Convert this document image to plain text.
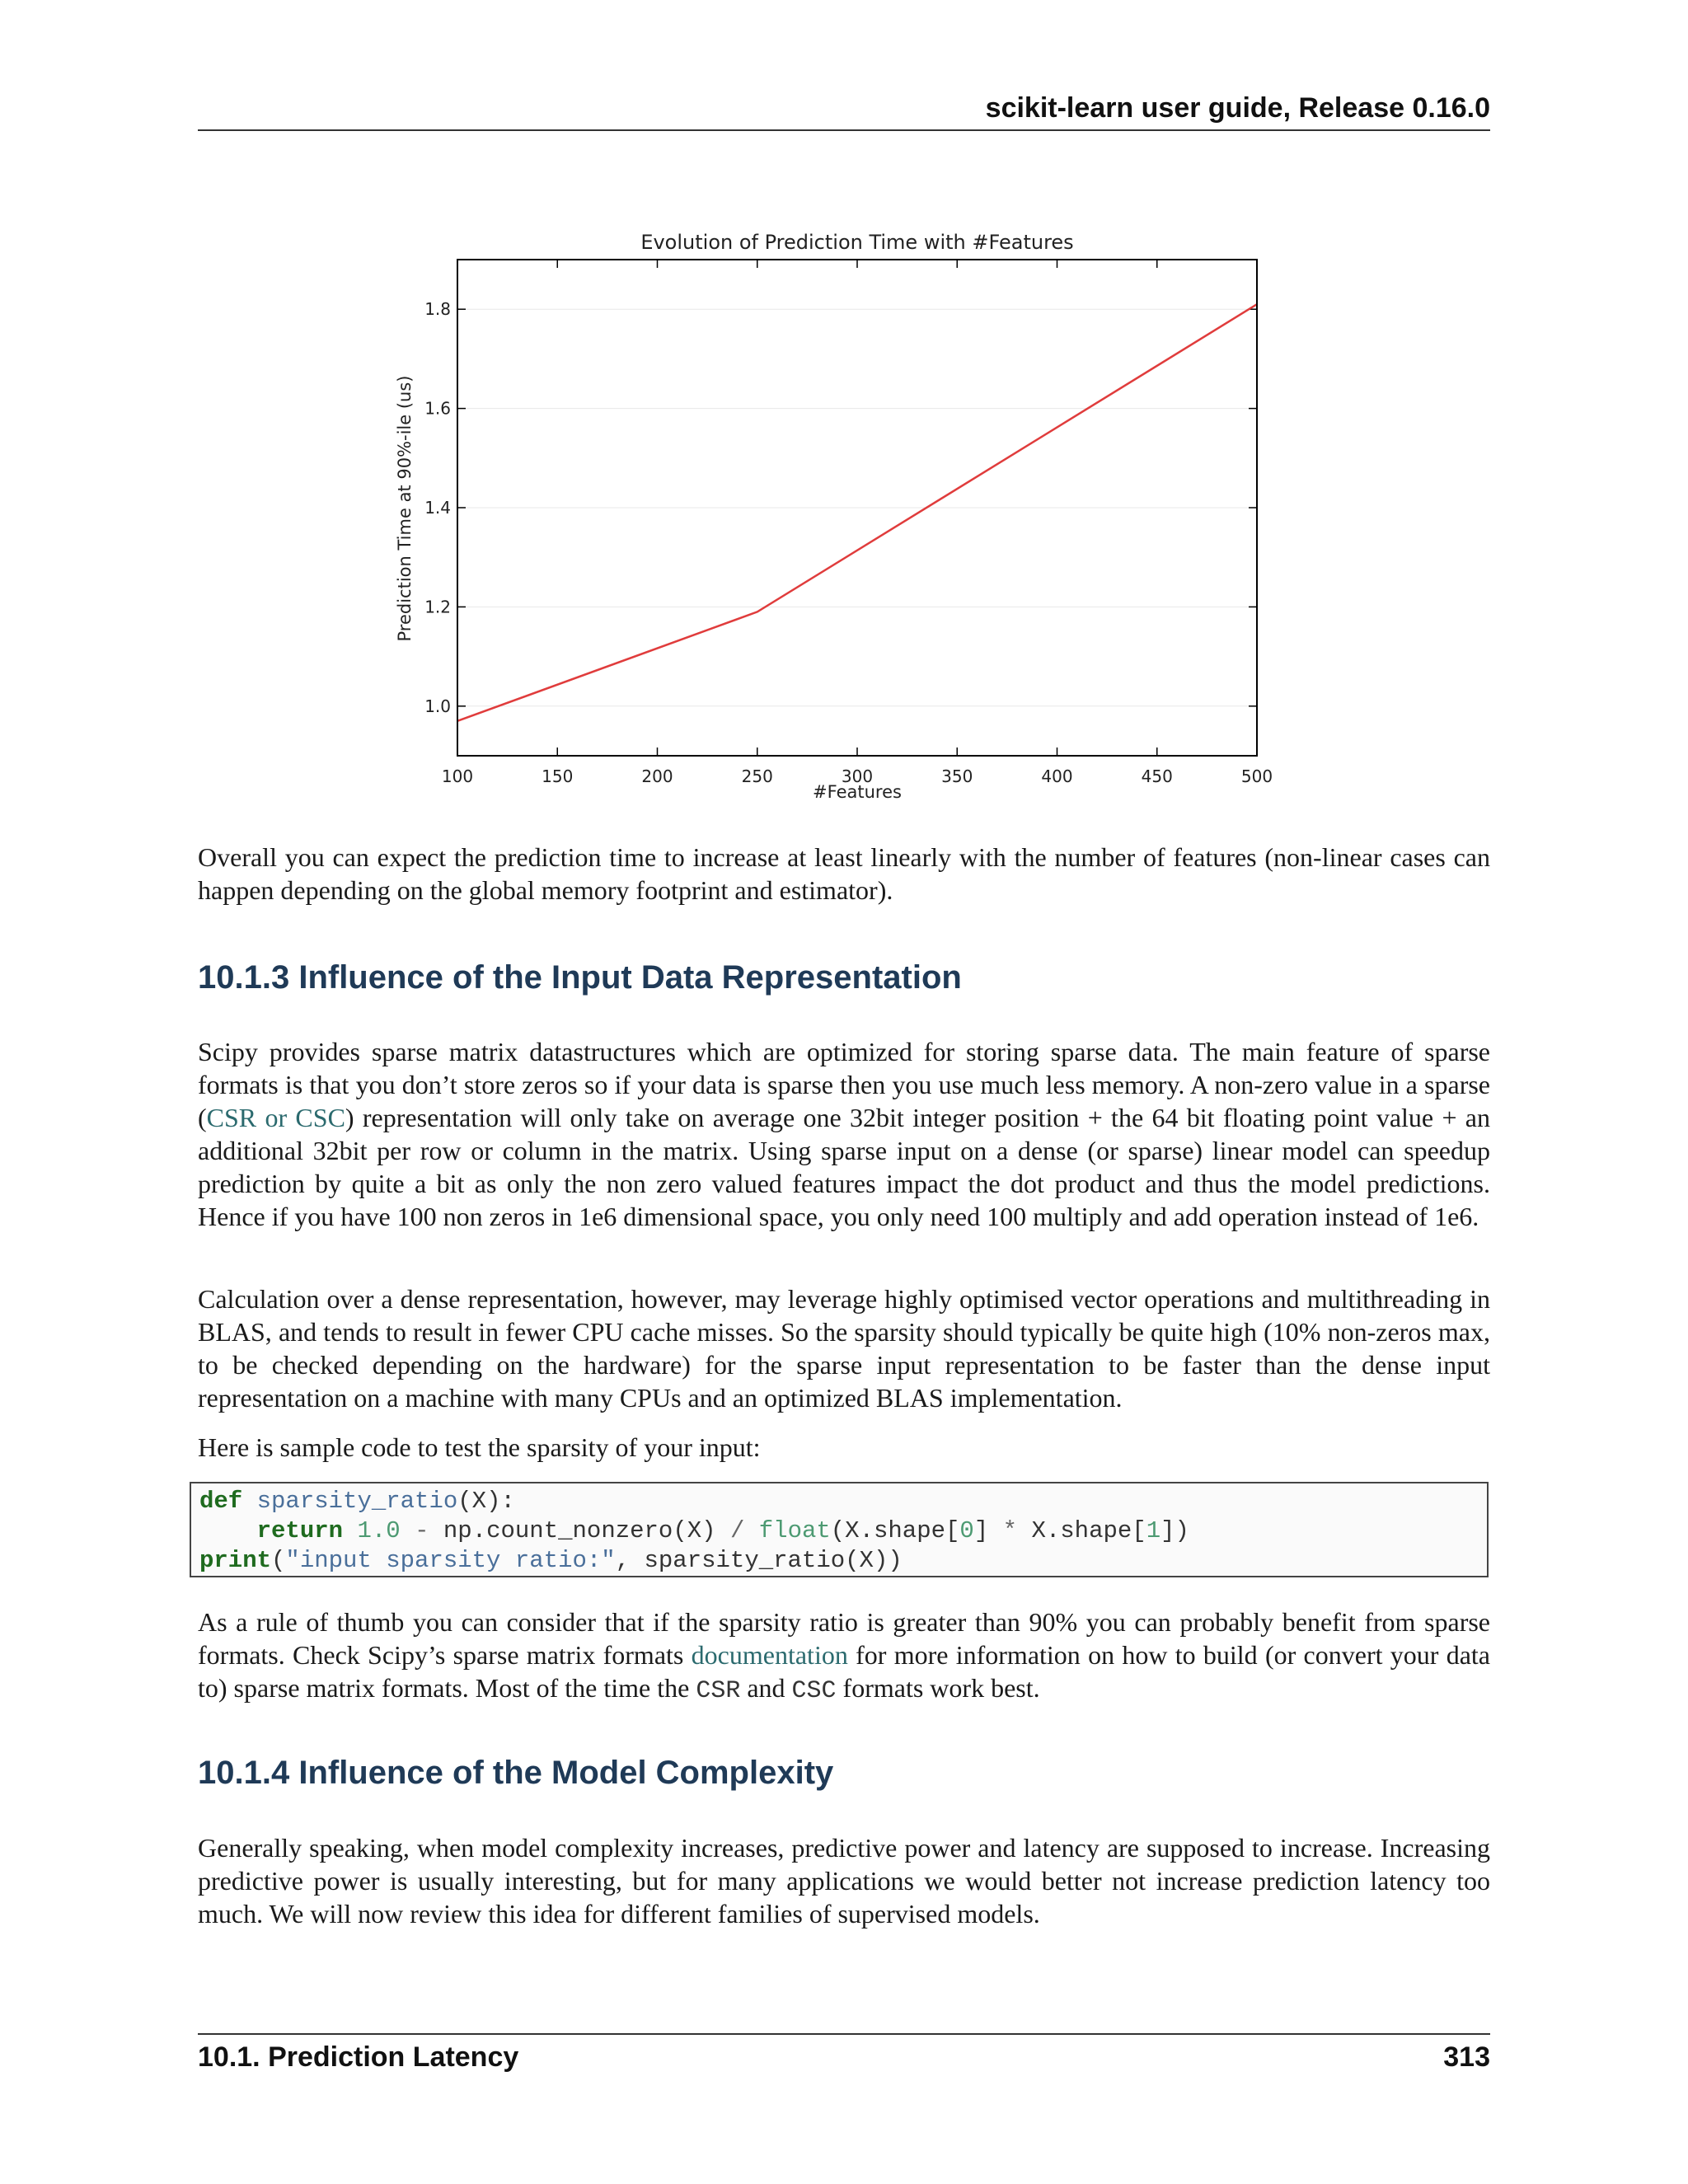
scikit-learn user guide, Release 0.16.0
Evolution of Prediction Time with #Features
Prediction Time at 90%-ile (us)
#Features
1.0
1.2
1.4
1.6
1.8
100	150	200	250	300	350	400	450	500

Overall you can expect the prediction time to increase at least linearly with the number of features (non-linear cases can happen depending on the global memory footprint and estimator).

10.1.3 Influence of the Input Data Representation

Scipy provides sparse matrix datastructures which are optimized for storing sparse data. The main feature of sparse formats is that you don’t store zeros so if your data is sparse then you use much less memory. A non-zero value in a sparse (CSR or CSC) representation will only take on average one 32bit integer position + the 64 bit floating point value + an additional 32bit per row or column in the matrix. Using sparse input on a dense (or sparse) linear model can speedup prediction by quite a bit as only the non zero valued features impact the dot product and thus the model predictions. Hence if you have 100 non zeros in 1e6 dimensional space, you only need 100 multiply and add operation instead of 1e6.

Calculation over a dense representation, however, may leverage highly optimised vector operations and multithreading in BLAS, and tends to result in fewer CPU cache misses. So the sparsity should typically be quite high (10% non-zeros max, to be checked depending on the hardware) for the sparse input representation to be faster than the dense input representation on a machine with many CPUs and an optimized BLAS implementation.

Here is sample code to test the sparsity of your input:

def sparsity_ratio(X):
return 1.0 - np.count_nonzero(X) / float(X.shape[0] * X.shape[1])
print("input sparsity ratio:", sparsity_ratio(X))

As a rule of thumb you can consider that if the sparsity ratio is greater than 90% you can probably benefit from sparse formats. Check Scipy’s sparse matrix formats documentation for more information on how to build (or convert your data to) sparse matrix formats. Most of the time the CSR and CSC formats work best.

10.1.4 Influence of the Model Complexity

Generally speaking, when model complexity increases, predictive power and latency are supposed to increase. Increasing predictive power is usually interesting, but for many applications we would better not increase prediction latency too much. We will now review this idea for different families of supervised models.

10.1. Prediction Latency	313
